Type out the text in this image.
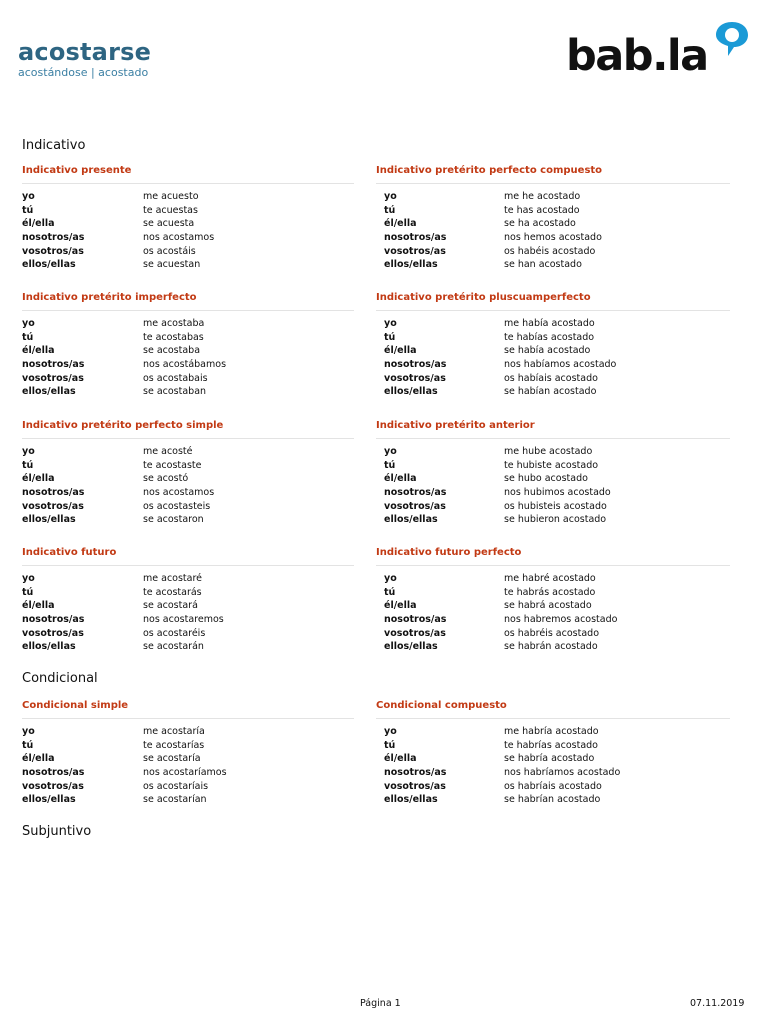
acostarse
acostándose | acostado	bab.la
Indicativo
Condicional
Subjuntivo
Indicativo presente
yo	me acuesto
tú	te acuestas
él/ella	se acuesta
nosotros/as	nos acostamos
vosotros/as	os acostáis
ellos/ellas	se acuestan
Indicativo pretérito perfecto compuesto
yo	me he acostado
tú	te has acostado
él/ella	se ha acostado
nosotros/as	nos hemos acostado
vosotros/as	os habéis acostado
ellos/ellas	se han acostado
Indicativo pretérito imperfecto
yo	me acostaba
tú	te acostabas
él/ella	se acostaba
nosotros/as	nos acostábamos
vosotros/as	os acostabais
ellos/ellas	se acostaban
Indicativo pretérito pluscuamperfecto
yo	me había acostado
tú	te habías acostado
él/ella	se había acostado
nosotros/as	nos habíamos acostado
vosotros/as	os habíais acostado
ellos/ellas	se habían acostado
Indicativo pretérito perfecto simple
yo	me acosté
tú	te acostaste
él/ella	se acostó
nosotros/as	nos acostamos
vosotros/as	os acostasteis
ellos/ellas	se acostaron
Indicativo pretérito anterior
yo	me hube acostado
tú	te hubiste acostado
él/ella	se hubo acostado
nosotros/as	nos hubimos acostado
vosotros/as	os hubisteis acostado
ellos/ellas	se hubieron acostado
Indicativo futuro
yo	me acostaré
tú	te acostarás
él/ella	se acostará
nosotros/as	nos acostaremos
vosotros/as	os acostaréis
ellos/ellas	se acostarán
Indicativo futuro perfecto
yo	me habré acostado
tú	te habrás acostado
él/ella	se habrá acostado
nosotros/as	nos habremos acostado
vosotros/as	os habréis acostado
ellos/ellas	se habrán acostado
Condicional simple
yo	me acostaría
tú	te acostarías
él/ella	se acostaría
nosotros/as	nos acostaríamos
vosotros/as	os acostaríais
ellos/ellas	se acostarían
Condicional compuesto
yo	me habría acostado
tú	te habrías acostado
él/ella	se habría acostado
nosotros/as	nos habríamos acostado
vosotros/as	os habríais acostado
ellos/ellas	se habrían acostado
Página 1	07.11.2019
